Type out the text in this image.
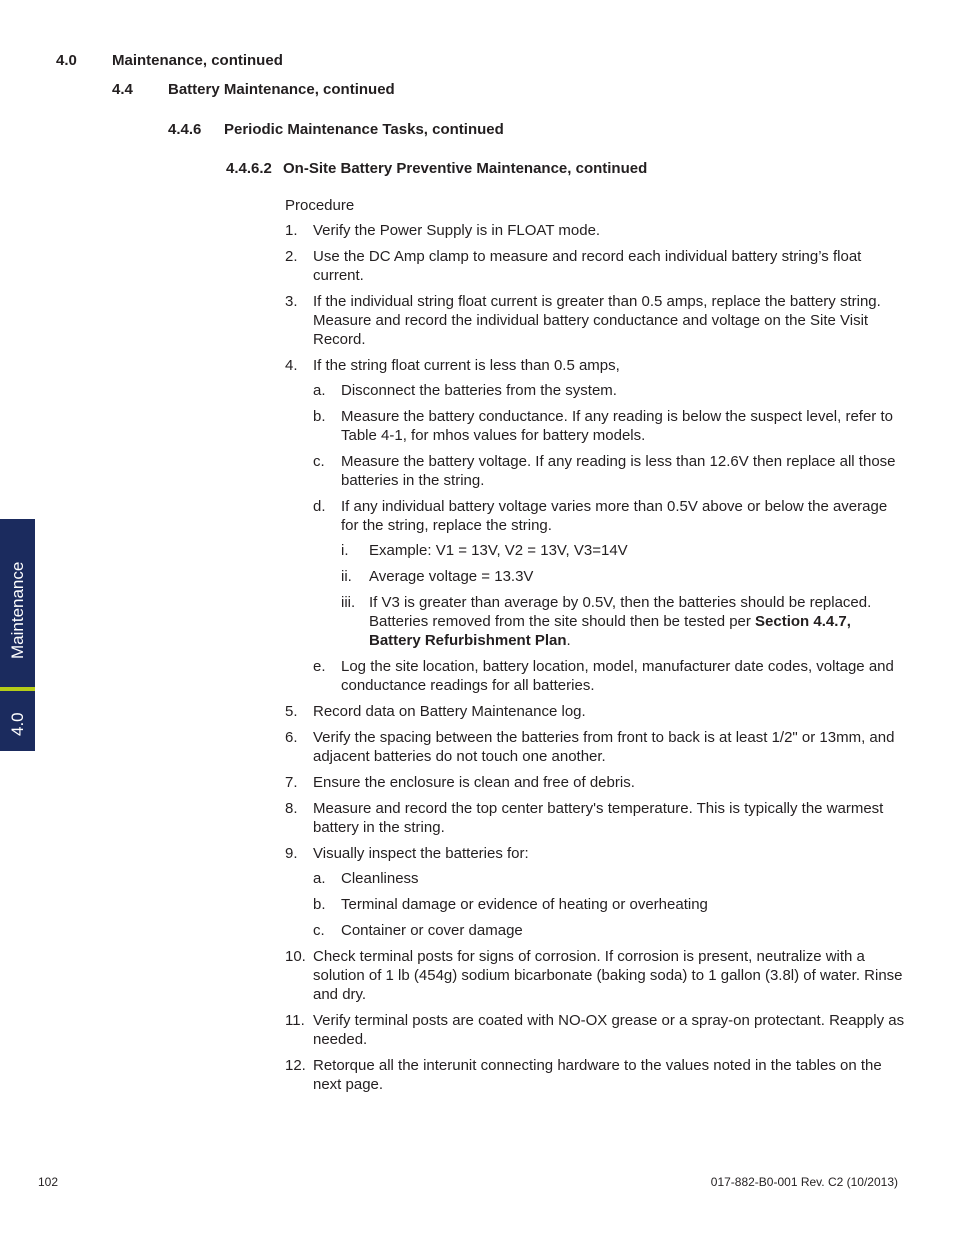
4.0 Maintenance, continued
4.4 Battery Maintenance, continued
4.4.6 Periodic Maintenance Tasks, continued
4.4.6.2 On-Site Battery Preventive Maintenance, continued
Procedure
1. Verify the Power Supply is in FLOAT mode.
2. Use the DC Amp clamp to measure and record each individual battery string’s float current.
3. If the individual string float current is greater than 0.5 amps, replace the battery string. Measure and record the individual battery conductance and voltage on the Site Visit Record.
4. If the string float current is less than 0.5 amps,
a. Disconnect the batteries from the system.
b. Measure the battery conductance. If any reading is below the suspect level, refer to Table 4-1, for mhos values for battery models.
c. Measure the battery voltage. If any reading is less than 12.6V then replace all those batteries in the string.
d. If any individual battery voltage varies more than 0.5V above or below the average for the string, replace the string.
i. Example: V1 = 13V, V2 = 13V, V3=14V
ii. Average voltage = 13.3V
iii. If V3 is greater than average by 0.5V, then the batteries should be replaced. Batteries removed from the site should then be tested per Section 4.4.7, Battery Refurbishment Plan.
e. Log the site location, battery location, model, manufacturer date codes, voltage and conductance readings for all batteries.
5. Record data on Battery Maintenance log.
6. Verify the spacing between the batteries from front to back is at least 1/2" or 13mm, and adjacent batteries do not touch one another.
7. Ensure the enclosure is clean and free of debris.
8. Measure and record the top center battery's temperature. This is typically the warmest battery in the string.
9. Visually inspect the batteries for:
a. Cleanliness
b. Terminal damage or evidence of heating or overheating
c. Container or cover damage
10. Check terminal posts for signs of corrosion. If corrosion is present, neutralize with a solution of 1 lb (454g) sodium bicarbonate (baking soda) to 1 gallon (3.8l) of water. Rinse and dry.
11. Verify terminal posts are coated with NO-OX grease or a spray-on protectant. Reapply as needed.
12. Retorque all the interunit connecting hardware to the values noted in the tables on the next page.
Maintenance
4.0
102	017-882-B0-001 Rev. C2 (10/2013)
